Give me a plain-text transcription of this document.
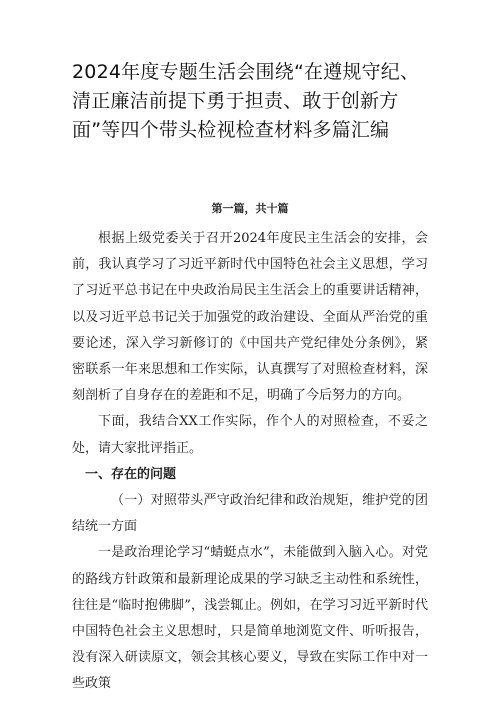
2024年度专题生活会围绕“在遵规守纪、清正廉洁前提下勇于担责、敢于创新方面”等四个带头检视检查材料多篇汇编
第一篇，共十篇

根据上级党委关于召开2024年度民主生活会的安排，会前，我认真学习了习近平新时代中国特色社会主义思想，学习了习近平总书记在中央政治局民主生活会上的重要讲话精神，以及习近平总书记关于加强党的政治建设、全面从严治党的重要论述，深入学习新修订的《中国共产党纪律处分条例》，紧密联系一年来思想和工作实际，认真撰写了对照检查材料，深刻剖析了自身存在的差距和不足，明确了今后努力的方向。

下面，我结合XX工作实际，作个人的对照检查，不妥之处，请大家批评指正。

一、存在的问题

（一）对照带头严守政治纪律和政治规矩，维护党的团结统一方面

一是政治理论学习“蜻蜓点水”，未能做到入脑入心。对党的路线方针政策和最新理论成果的学习缺乏主动性和系统性，往往是“临时抱佛脚”，浅尝辄止。例如，在学习习近平新时代中国特色社会主义思想时，只是简单地浏览文件、听听报告，没有深入研读原文，领会其核心要义，导致在实际工作中对一些政策
